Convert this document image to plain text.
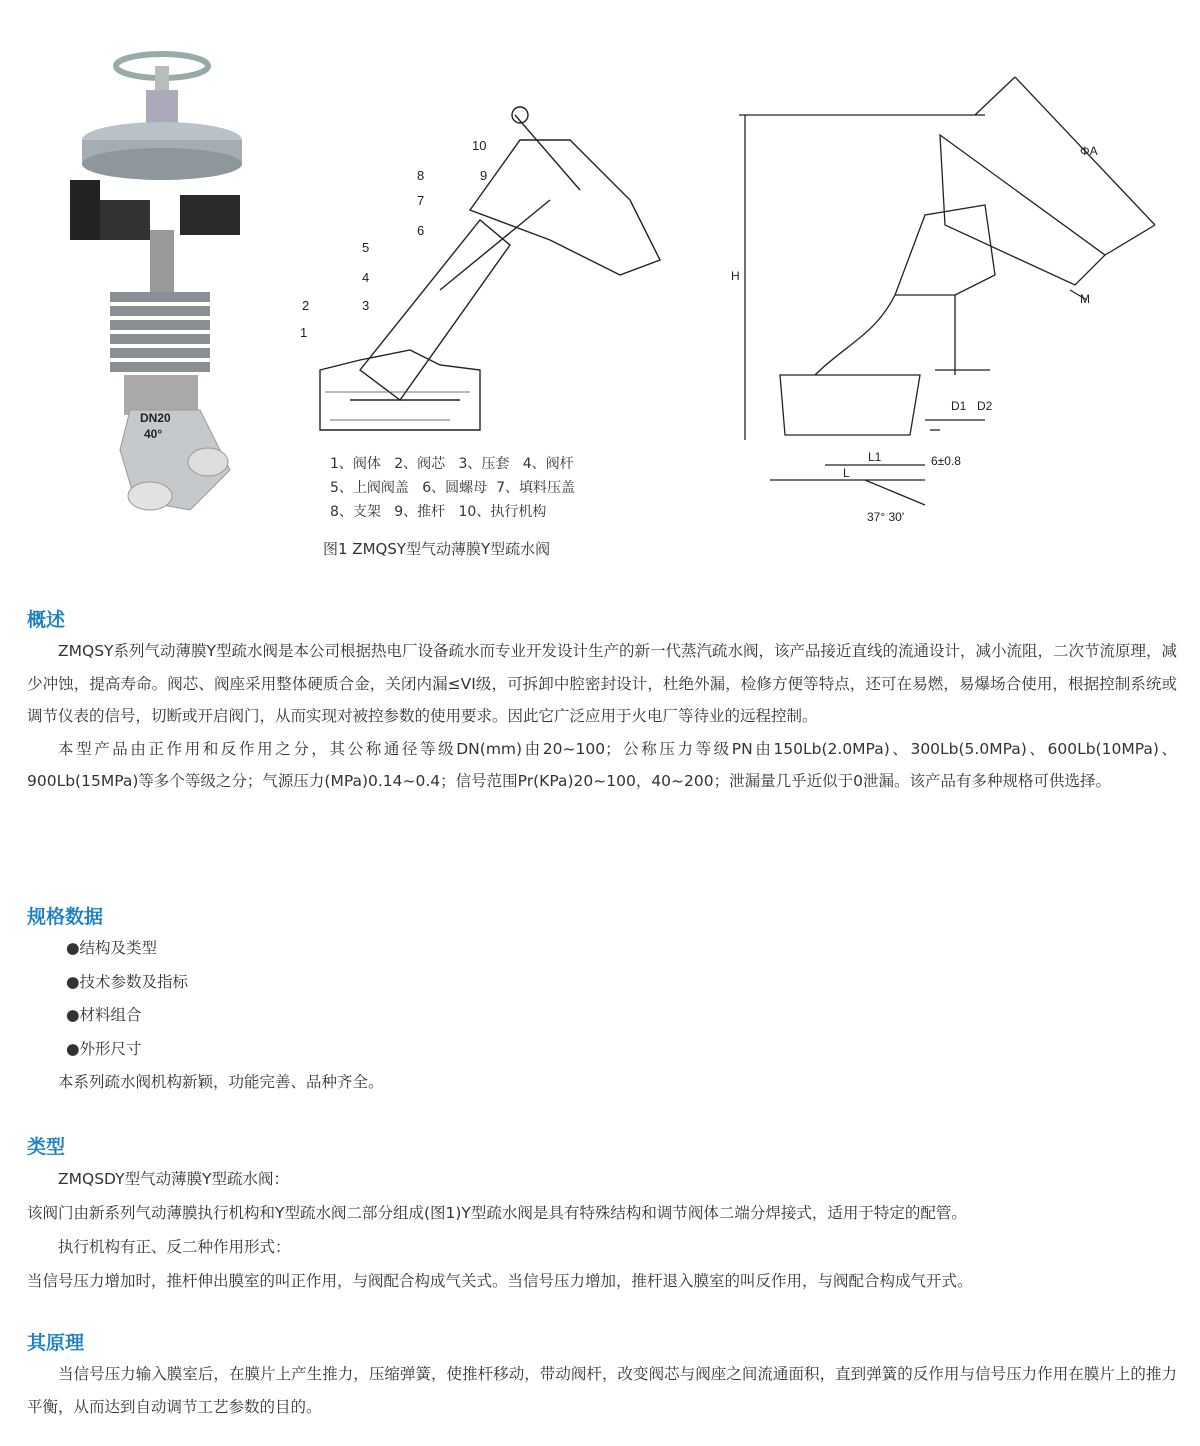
DN20
40°
1
2	3
4
5
6
7
8	9
10
1、阀体   2、阀芯   3、压套   4、阀杆
5、上阀阀盖   6、圆螺母  7、填料压盖
8、支架   9、推杆   10、执行机构
图1 ZMQSY型气动薄膜Y型疏水阀
H
ΦA
M
D1 D2
L1
L
6±0.8
37° 30'
概述

ZMQSY系列气动薄膜Y型疏水阀是本公司根据热电厂设备疏水而专业开发设计生产的新一代蒸汽疏水阀，该产品接近直线的流通设计，减小流阻，二次节流原理，减少冲蚀，提高寿命。阀芯、阀座采用整体硬质合金，关闭内漏≤VI级，可拆卸中腔密封设计，杜绝外漏，检修方便等特点，还可在易燃，易爆场合使用，根据控制系统或调节仪表的信号，切断或开启阀门，从而实现对被控参数的使用要求。因此它广泛应用于火电厂等待业的远程控制。

本型产品由正作用和反作用之分，其公称通径等级DN(mm)由20~100；公称压力等级PN由150Lb(2.0MPa)、300Lb(5.0MPa)、600Lb(10MPa)、900Lb(15MPa)等多个等级之分；气源压力(MPa)0.14~0.4；信号范围Pr(KPa)20~100，40~200；泄漏量几乎近似于0泄漏。该产品有多种规格可供选择。

规格数据

●结构及类型

●技术参数及指标

●材料组合

●外形尺寸

本系列疏水阀机构新颖，功能完善、品种齐全。

类型

ZMQSDY型气动薄膜Y型疏水阀：

该阀门由新系列气动薄膜执行机构和Y型疏水阀二部分组成(图1)Y型疏水阀是具有特殊结构和调节阀体二端分焊接式，适用于特定的配管。

执行机构有正、反二种作用形式：

当信号压力增加时，推杆伸出膜室的叫正作用，与阀配合构成气关式。当信号压力增加，推杆退入膜室的叫反作用，与阀配合构成气开式。

其原理

当信号压力输入膜室后，在膜片上产生推力，压缩弹簧，使推杆移动，带动阀杆，改变阀芯与阀座之间流通面积，直到弹簧的反作用与信号压力作用在膜片上的推力平衡，从而达到自动调节工艺参数的目的。
